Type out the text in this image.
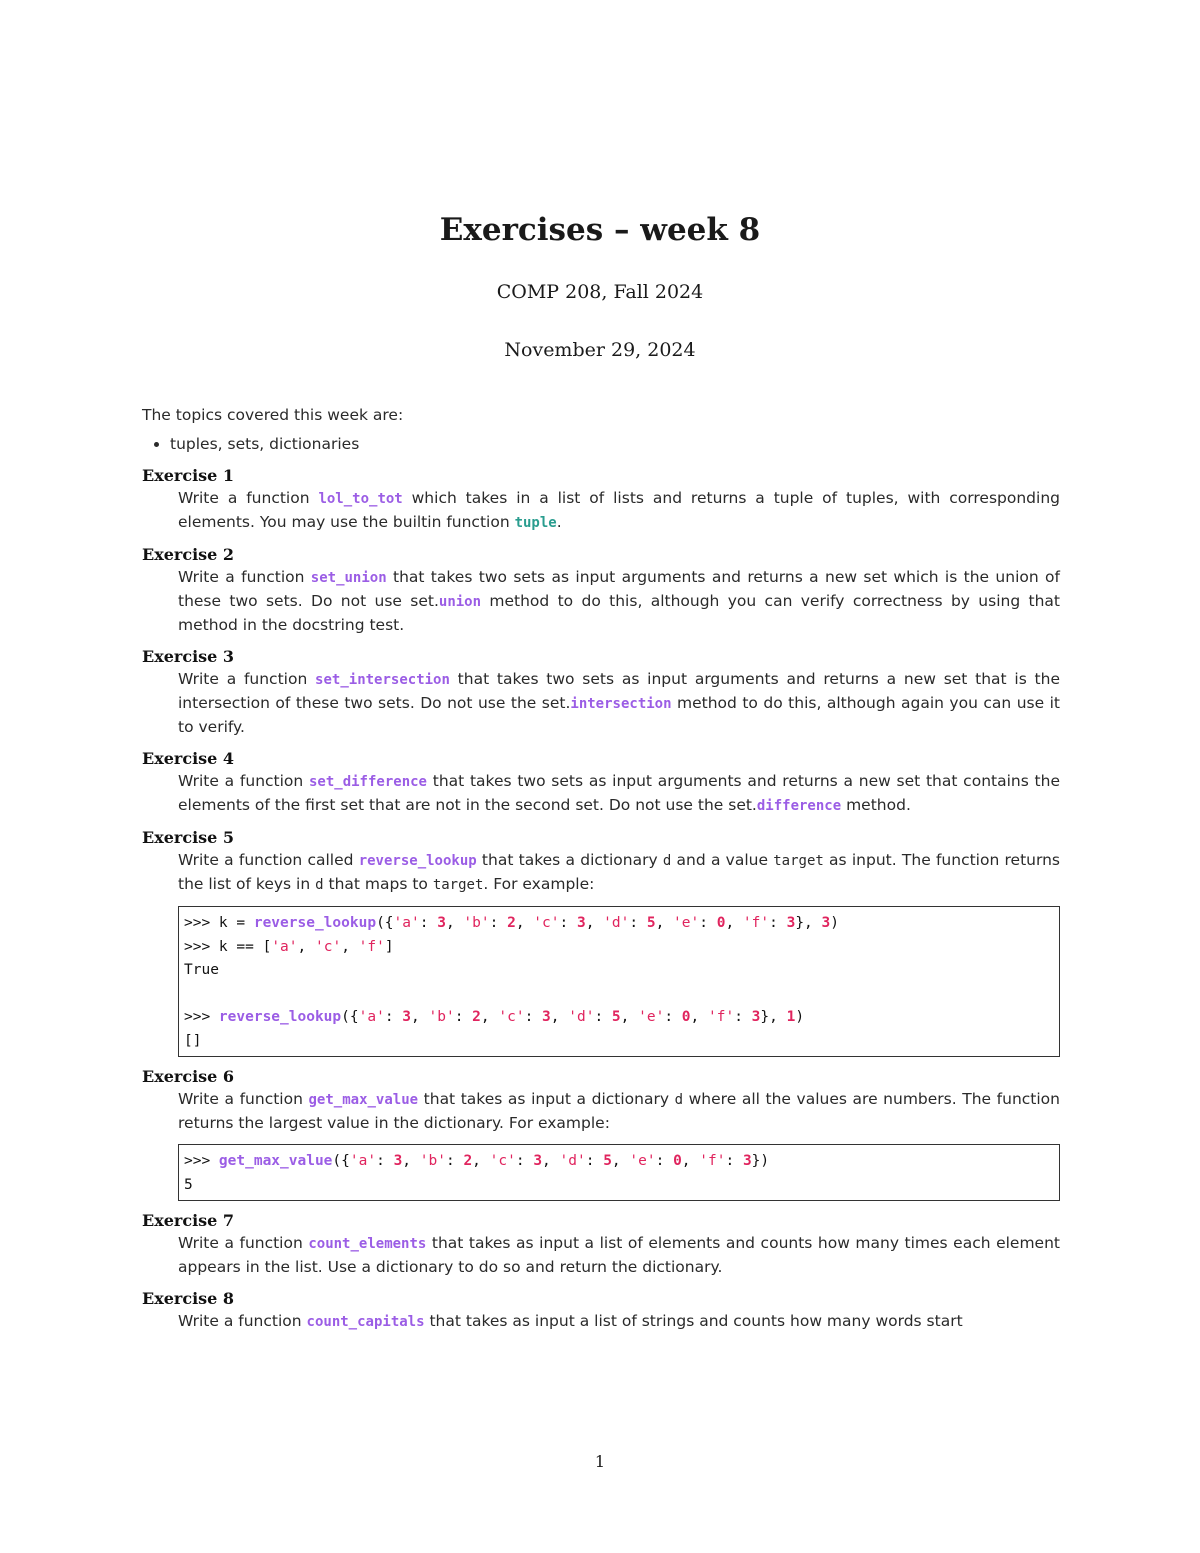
Exercises – week 8
COMP 208, Fall 2024
November 29, 2024

The topics covered this week are:

• tuples, sets, dictionaries
Exercise 1
Write a function lol_to_tot which takes in a list of lists and returns a tuple of tuples, with corresponding elements. You may use the builtin function tuple.
Exercise 2
Write a function set_union that takes two sets as input arguments and returns a new set which is the union of these two sets. Do not use set.union method to do this, although you can verify correctness by using that method in the docstring test.
Exercise 3
Write a function set_intersection that takes two sets as input arguments and returns a new set that is the intersection of these two sets. Do not use the set.intersection method to do this, although again you can use it to verify.
Exercise 4
Write a function set_difference that takes two sets as input arguments and returns a new set that contains the elements of the first set that are not in the second set. Do not use the set.difference method.
Exercise 5
Write a function called reverse_lookup that takes a dictionary d and a value target as input. The function returns the list of keys in d that maps to target. For example:
>>> k = reverse_lookup({'a': 3, 'b': 2, 'c': 3, 'd': 5, 'e': 0, 'f': 3}, 3)
>>> k == ['a', 'c', 'f']
True
>>> reverse_lookup({'a': 3, 'b': 2, 'c': 3, 'd': 5, 'e': 0, 'f': 3}, 1)
[]
Exercise 6
Write a function get_max_value that takes as input a dictionary d where all the values are numbers. The function returns the largest value in the dictionary. For example:
>>> get_max_value({'a': 3, 'b': 2, 'c': 3, 'd': 5, 'e': 0, 'f': 3})
5
Exercise 7
Write a function count_elements that takes as input a list of elements and counts how many times each element appears in the list. Use a dictionary to do so and return the dictionary.
Exercise 8
Write a function count_capitals that takes as input a list of strings and counts how many words start
1
